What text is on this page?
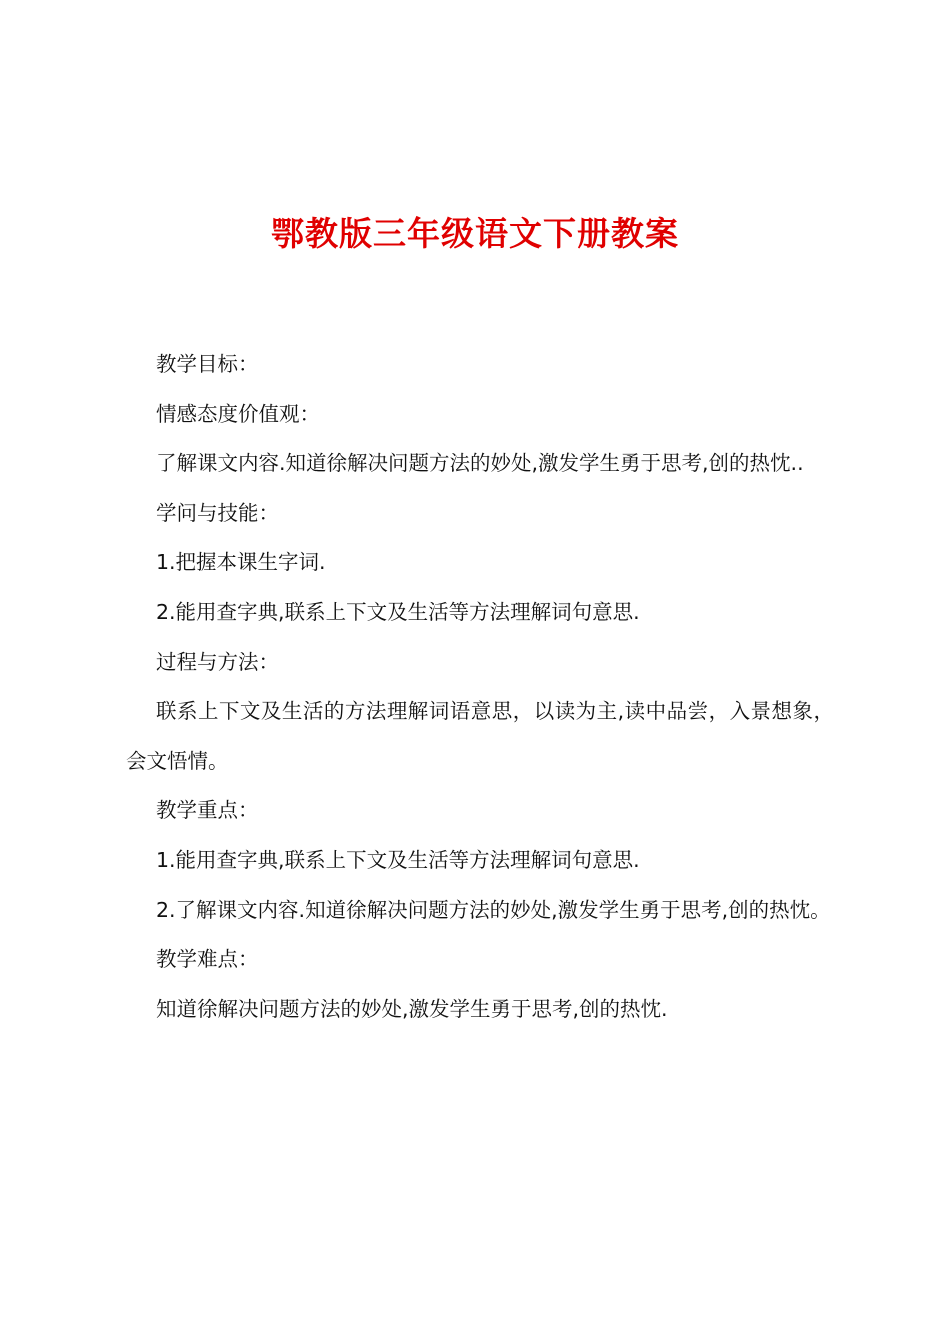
鄂教版三年级语文下册教案

教学目标：

情感态度价值观：

了解课文内容.知道徐解决问题方法的妙处,激发学生勇于思考,创的热忱..

学问与技能：

1.把握本课生字词.

2.能用查字典,联系上下文及生活等方法理解词句意思.

过程与方法：

联系上下文及生活的方法理解词语意思，以读为主,读中品尝，入景想象，会文悟情。

教学重点：

1.能用查字典,联系上下文及生活等方法理解词句意思.

2.了解课文内容.知道徐解决问题方法的妙处,激发学生勇于思考,创的热忱。

教学难点：

知道徐解决问题方法的妙处,激发学生勇于思考,创的热忱.
